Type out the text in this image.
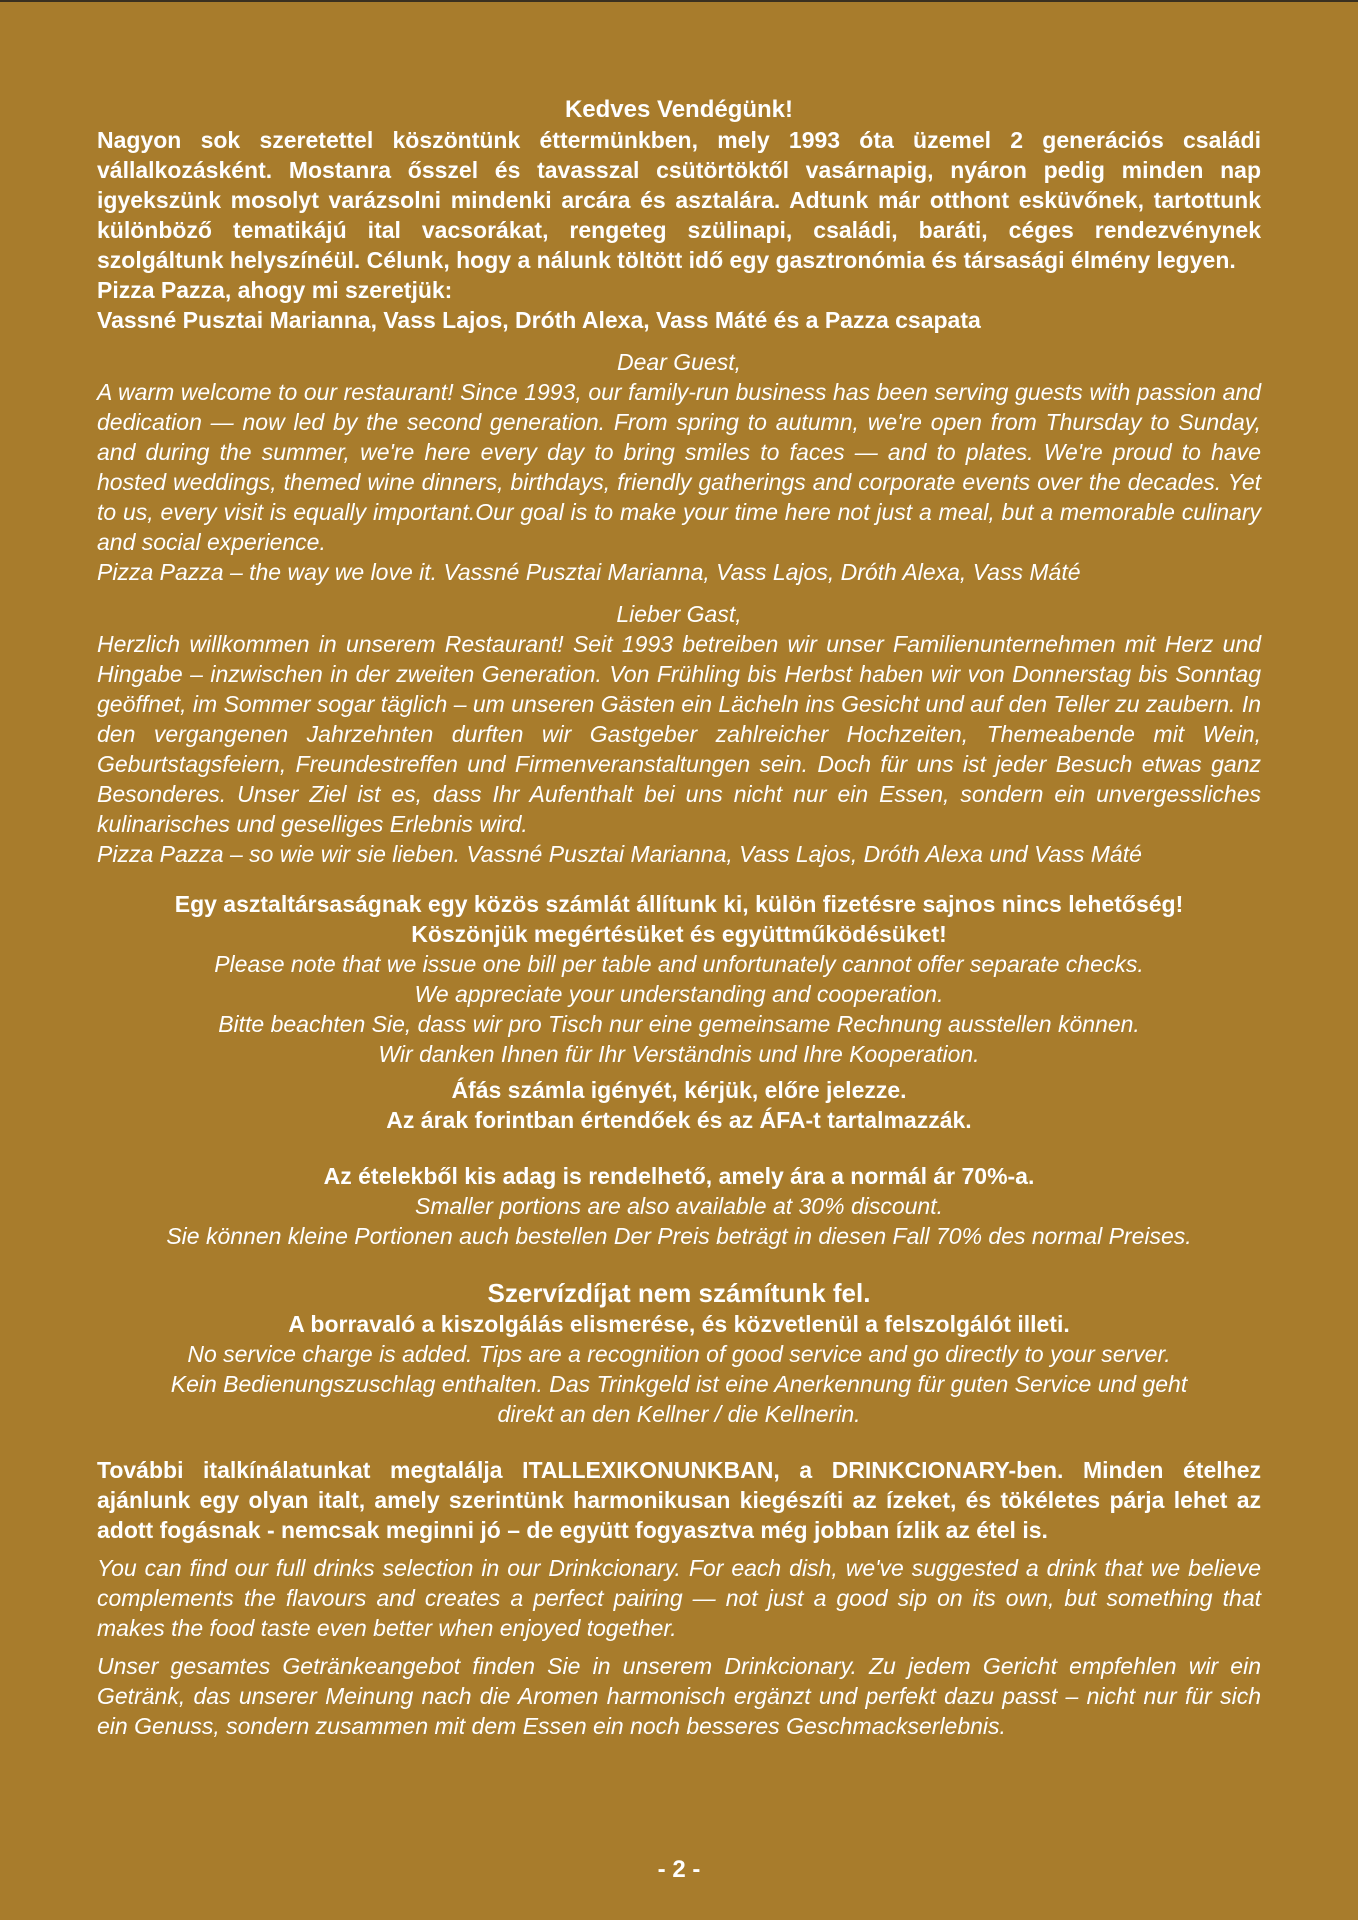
Kedves Vendégünk!

Nagyon sok szeretettel köszöntünk éttermünkben, mely 1993 óta üzemel 2 generációs családi vállalkozásként. Mostanra ősszel és tavasszal csütörtöktől vasárnapig, nyáron pedig minden nap igyekszünk mosolyt varázsolni mindenki arcára és asztalára. Adtunk már otthont esküvőnek, tartottunk különböző tematikájú ital vacsorákat, rengeteg szülinapi, családi, baráti, céges rendezvénynek szolgáltunk helyszínéül. Célunk, hogy a nálunk töltött idő egy gasztronómia és társasági élmény legyen.

Pizza Pazza, ahogy mi szeretjük:

Vassné Pusztai Marianna, Vass Lajos, Dróth Alexa, Vass Máté és a Pazza csapata

Dear Guest,

A warm welcome to our restaurant! Since 1993, our family-run business has been serving guests with passion and dedication — now led by the second generation. From spring to autumn, we're open from Thursday to Sunday, and during the summer, we're here every day to bring smiles to faces — and to plates. We're proud to have hosted weddings, themed wine dinners, birthdays, friendly gatherings and corporate events over the decades. Yet to us, every visit is equally important.Our goal is to make your time here not just a meal, but a memorable culinary and social experience.

Pizza Pazza – the way we love it. Vassné Pusztai Marianna, Vass Lajos, Dróth Alexa, Vass Máté

Lieber Gast,

Herzlich willkommen in unserem Restaurant! Seit 1993 betreiben wir unser Familienunternehmen mit Herz und Hingabe – inzwischen in der zweiten Generation. Von Frühling bis Herbst haben wir von Donnerstag bis Sonntag geöffnet, im Sommer sogar täglich – um unseren Gästen ein Lächeln ins Gesicht und auf den Teller zu zaubern. In den vergangenen Jahrzehnten durften wir Gastgeber zahlreicher Hochzeiten, Themeabende mit Wein, Geburtstagsfeiern, Freundestreffen und Firmenveranstaltungen sein. Doch für uns ist jeder Besuch etwas ganz Besonderes. Unser Ziel ist es, dass Ihr Aufenthalt bei uns nicht nur ein Essen, sondern ein unvergessliches kulinarisches und geselliges Erlebnis wird.

Pizza Pazza – so wie wir sie lieben. Vassné Pusztai Marianna, Vass Lajos, Dróth Alexa und Vass Máté

Egy asztaltársaságnak egy közös számlát állítunk ki, külön fizetésre sajnos nincs lehetőség!

Köszönjük megértésüket és együttműködésüket!

Please note that we issue one bill per table and unfortunately cannot offer separate checks.

We appreciate your understanding and cooperation.

Bitte beachten Sie, dass wir pro Tisch nur eine gemeinsame Rechnung ausstellen können.

Wir danken Ihnen für Ihr Verständnis und Ihre Kooperation.

Áfás számla igényét, kérjük, előre jelezze.

Az árak forintban értendőek és az ÁFA-t tartalmazzák.

Az ételekből kis adag is rendelhető, amely ára a normál ár 70%-a.

Smaller portions are also available at 30% discount.

Sie können kleine Portionen auch bestellen Der Preis beträgt in diesen Fall 70% des normal Preises.

Szervízdíjat nem számítunk fel.

A borravaló a kiszolgálás elismerése, és közvetlenül a felszolgálót illeti.

No service charge is added. Tips are a recognition of good service and go directly to your server.

Kein Bedienungszuschlag enthalten. Das Trinkgeld ist eine Anerkennung für guten Service und geht

direkt an den Kellner / die Kellnerin.

További italkínálatunkat megtalálja ITALLEXIKONUNKBAN, a DRINKCIONARY-ben. Minden ételhez ajánlunk egy olyan italt, amely szerintünk harmonikusan kiegészíti az ízeket, és tökéletes párja lehet az adott fogásnak - nemcsak meginni jó – de együtt fogyasztva még jobban ízlik az étel is.

You can find our full drinks selection in our Drinkcionary. For each dish, we've suggested a drink that we believe complements the flavours and creates a perfect pairing — not just a good sip on its own, but something that makes the food taste even better when enjoyed together.

Unser gesamtes Getränkeangebot finden Sie in unserem Drinkcionary. Zu jedem Gericht empfehlen wir ein Getränk, das unserer Meinung nach die Aromen harmonisch ergänzt und perfekt dazu passt – nicht nur für sich ein Genuss, sondern zusammen mit dem Essen ein noch besseres Geschmackserlebnis.

- 2 -
